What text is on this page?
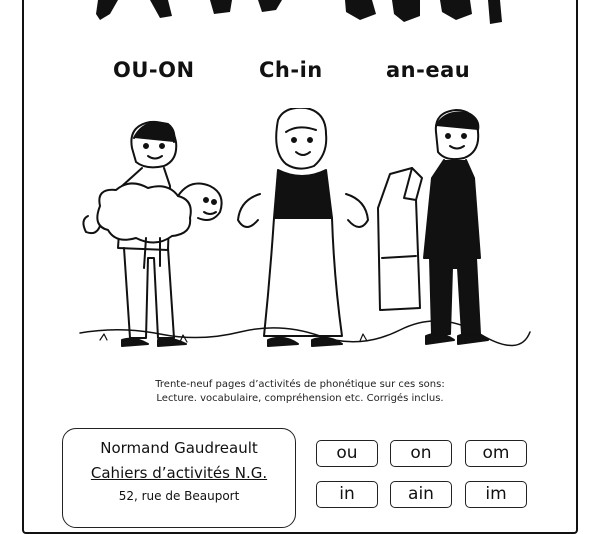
OU-ON	Ch-in	an-eau
Trente-neuf pages d’activités de phonétique sur ces sons:
Lecture. vocabulaire, compréhension etc. Corrigés inclus.
Normand Gaudreault
Cahiers d’activités N.G.
52, rue de Beauport
ou	on	om
in	ain	im
